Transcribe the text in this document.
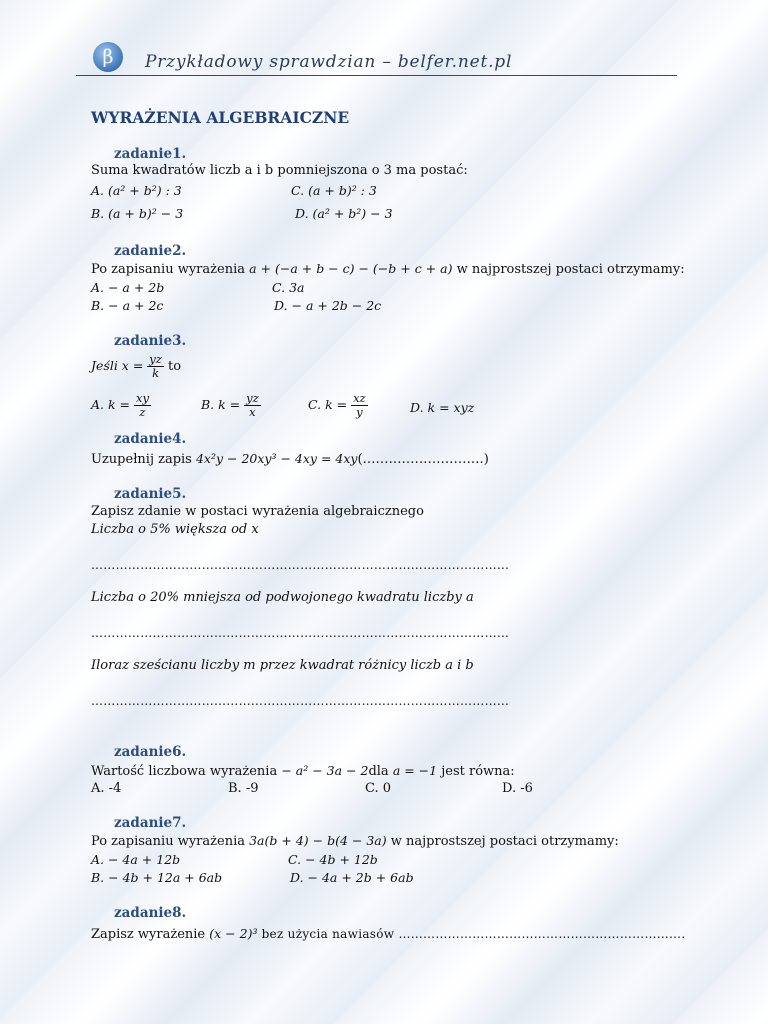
β	Przykładowy sprawdzian – belfer.net.pl
WYRAŻENIA ALGEBRAICZNE
zadanie1.
Suma kwadratów liczb a i b pomniejszona o 3 ma postać:
A. (a² + b²) : 3	C. (a + b)² : 3
B. (a + b)² − 3	D. (a² + b²) − 3
zadanie2.
Po zapisaniu wyrażenia a + (−a + b − c) − (−b + c + a) w najprostszej postaci otrzymamy:
A. − a + 2b	C. 3a
B. − a + 2c	D. − a + 2b − 2c
zadanie3.
Jeśli $x = \frac{yz}{k}$ to
A. $k = \frac{xy}{z}$	B. $k = \frac{yz}{x}$	C. $k = \frac{xz}{y}$	D. k = xyz
zadanie4.
Uzupełnij zapis 4x²y − 20xy³ − 4xy = 4xy(……………………….)
zadanie5.
Zapisz zdanie w postaci wyrażenia algebraicznego
Liczba o 5% większa od x
…………………………………………………………………………………………
Liczba o 20% mniejsza od podwojonego kwadratu liczby a
…………………………………………………………………………………………
Iloraz sześcianu liczby m przez kwadrat różnicy liczb a i b
…………………………………………………………………………………………
zadanie6.
Wartość liczbowa wyrażenia − a² − 3a − 2dla a = −1 jest równa:
A. -4	B. -9	C. 0	D. -6
zadanie7.
Po zapisaniu wyrażenia 3a(b + 4) − b(4 − 3a) w najprostszej postaci otrzymamy:
A. − 4a + 12b	C. − 4b + 12b
B. − 4b + 12a + 6ab	D. − 4a + 2b + 6ab
zadanie8.
Zapisz wyrażenie (x − 2)³ bez użycia nawiasów …………………………………………………………….
